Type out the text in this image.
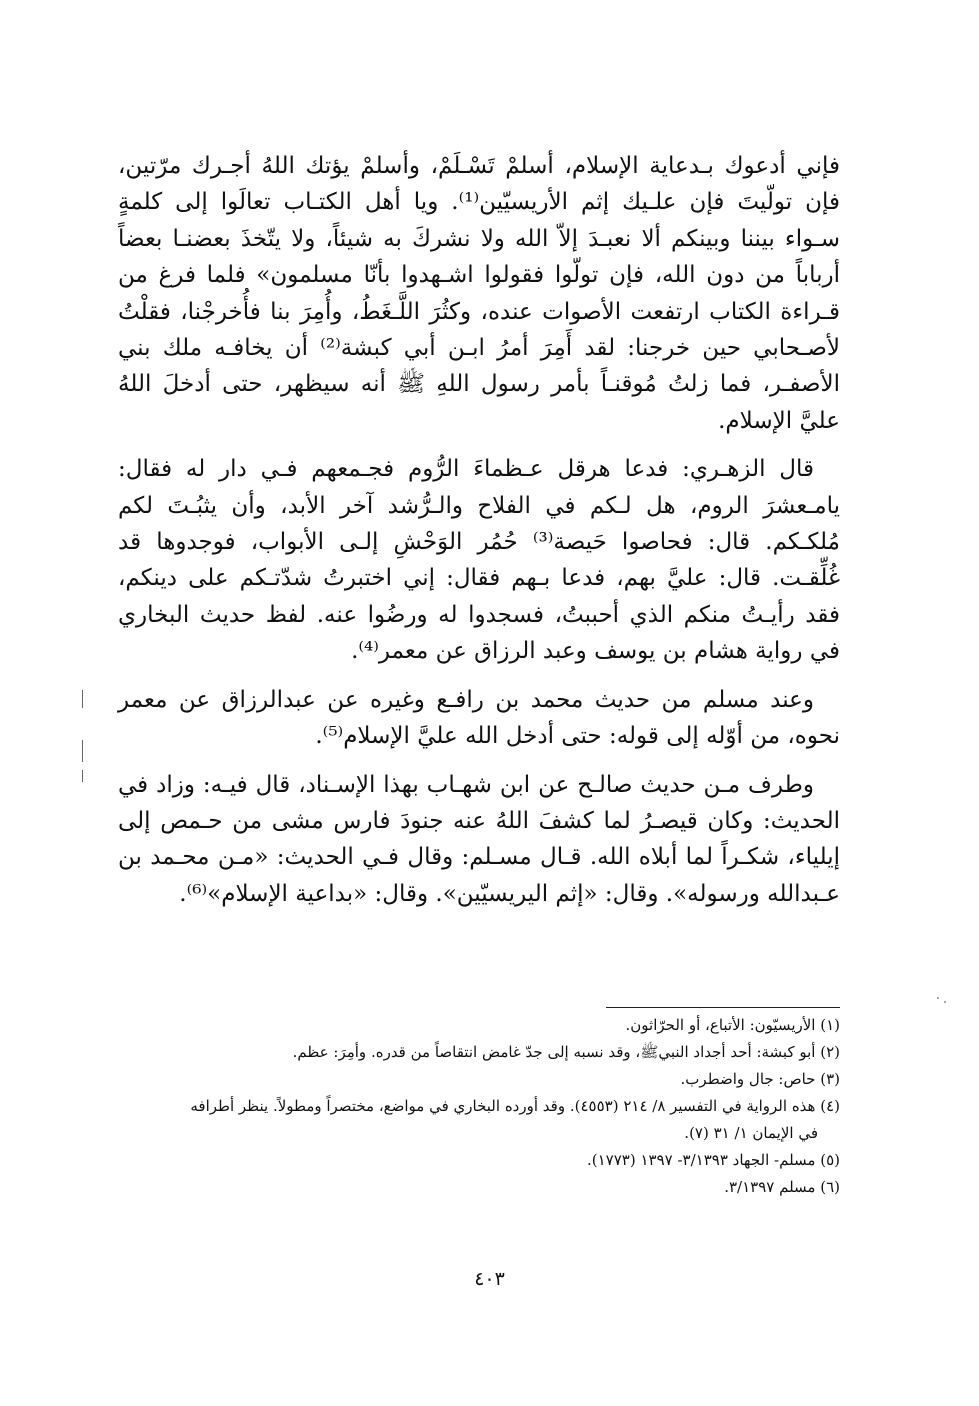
فإني أدعوك بـدعاية الإسلام، أسلمْ تَسْـلَمْ، وأسلمْ يؤتك اللهُ أجـرك مرّتين، فإن تولّيتَ فإن علـيك إثم الأريسيّين⁽¹⁾. ويا أهل الكتـاب تعالَوا إلى كلمةٍ سـواء بيننا وبينكم ألا نعبـدَ إلاّ الله ولا نشركَ به شيئاً، ولا يتّخذَ بعضنـا بعضاً أرباباً من دون الله، فإن تولّوا فقولوا اشـهدوا بأنّا مسلمون» فلما فرغ من قـراءة الكتاب ارتفعت الأصوات عنده، وكثُرَ اللَّـغَطُ، وأُمِرَ بنا فأُخرجْنا، فقلْتُ لأصـحابي حين خرجنا: لقد أَمِرَ أمرُ ابـن أبي كبشة⁽²⁾ أن يخافـه ملك بني الأصفـر، فما زلتُ مُوقنـاً بأمر رسول اللهِ ﷺ أنه سيظهر، حتى أدخلَ اللهُ عليَّ الإسلام.

قال الزهـري: فدعا هرقل عـظماءَ الرُّوم فجـمعهم فـي دار له فقال: يامـعشرَ الروم، هل لـكم في الفلاح والـرُّشد آخر الأبد، وأن يثبُـتَ لكم مُلكـكم. قال: فحاصوا حَيصة⁽³⁾ حُمُر الوَحْشِ إلـى الأبواب، فوجدوها قد غُلِّقـت. قال: عليَّ بهم، فدعا بـهم فقال: إني اختبرتُ شدّتـكم على دينكم، فقد رأيـتُ منكم الذي أحببتُ، فسجدوا له ورضُوا عنه. لفظ حديث البخاري في رواية هشام بن يوسف وعبد الرزاق عن معمر⁽⁴⁾.

وعند مسلم من حديث محمد بن رافـع وغيره عن عبدالرزاق عن معمر نحوه، من أوّله إلى قوله: حتى أدخل الله عليَّ الإسلام⁽⁵⁾.

وطرف مـن حديث صالـح عن ابن شهـاب بهذا الإسـناد، قال فيـه: وزاد في الحديث: وكان قيصـرُ لما كشفَ اللهُ عنه جنودَ فارس مشى من حـمص إلى إيلياء، شكـراً لما أبلاه الله. قـال مسـلم: وقال فـي الحديث: «مـن محـمد بن عـبدالله ورسوله». وقال: «إثم اليريسيّين». وقال: «بداعية الإسلام»⁽⁶⁾.

(١) الأريسيّون: الأتباع، أو الحرّاثون.

(٢) أبو كبشة: أحد أجداد النبيﷺ، وقد نسبه إلى جدّ غامض انتقاصاً من قدره. وأمِرَ: عظم.

(٣) حاص: جال واضطرب.

(٤) هذه الرواية في التفسير ٨/ ٢١٤ (٤٥٥٣). وقد أورده البخاري في مواضع، مختصراً ومطولاً. ينظر أطرافه
في الإيمان ١/ ٣١ (٧).

(٥) مسلم- الجهاد ٣/١٣٩٣- ١٣٩٧ (١٧٧٣).

(٦) مسلم ٣/١٣٩٧.

٤٠٣
